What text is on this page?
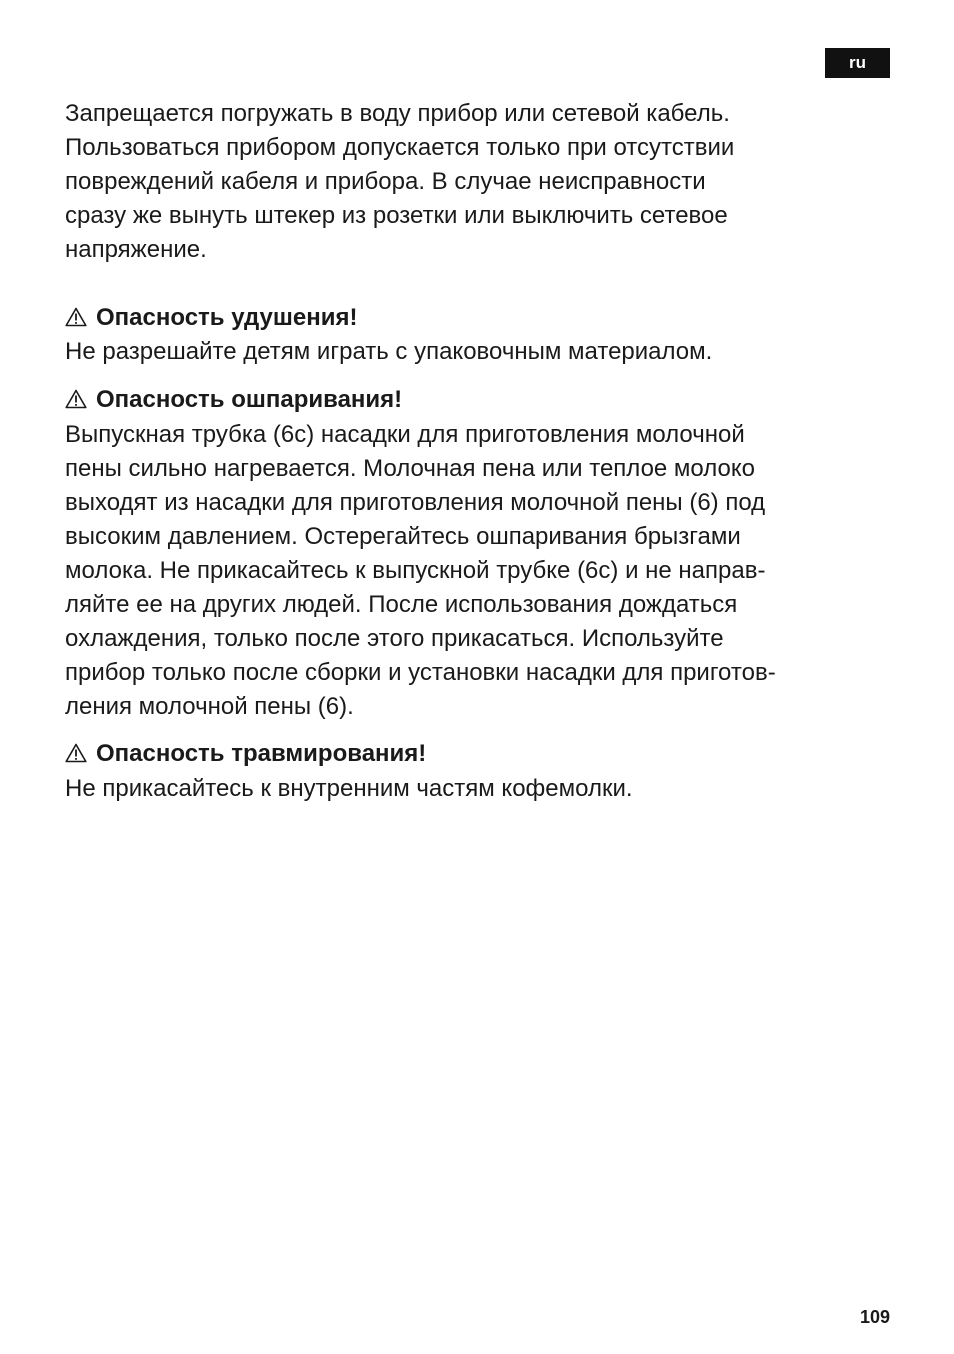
ru
Запрещается погружать в воду прибор или сетевой кабель.
Пользоваться прибором допускается только при отсутствии
повреждений кабеля и прибора. В случае неисправности
сразу же вынуть штекер из розетки или выключить сетевое
напряжение.
Опасность удушения!
Не разрешайте детям играть с упаковочным материалом.
Опасность ошпаривания!
Выпускная трубка (6c) насадки для приготовления молочной
пены сильно нагревается. Молочная пена или теплое молоко
выходят из насадки для приготовления молочной пены (6) под
высоким давлением. Остерегайтесь ошпаривания брызгами
молока. Не прикасайтесь к выпускной трубке (6c) и не направ-
ляйте ее на других людей. После использования дождаться
охлаждения, только после этого прикасаться. Используйте
прибор только после сборки и установки насадки для приготов-
ления молочной пены (6).
Опасность травмирования!
Не прикасайтесь к внутренним частям кофемолки.
109
